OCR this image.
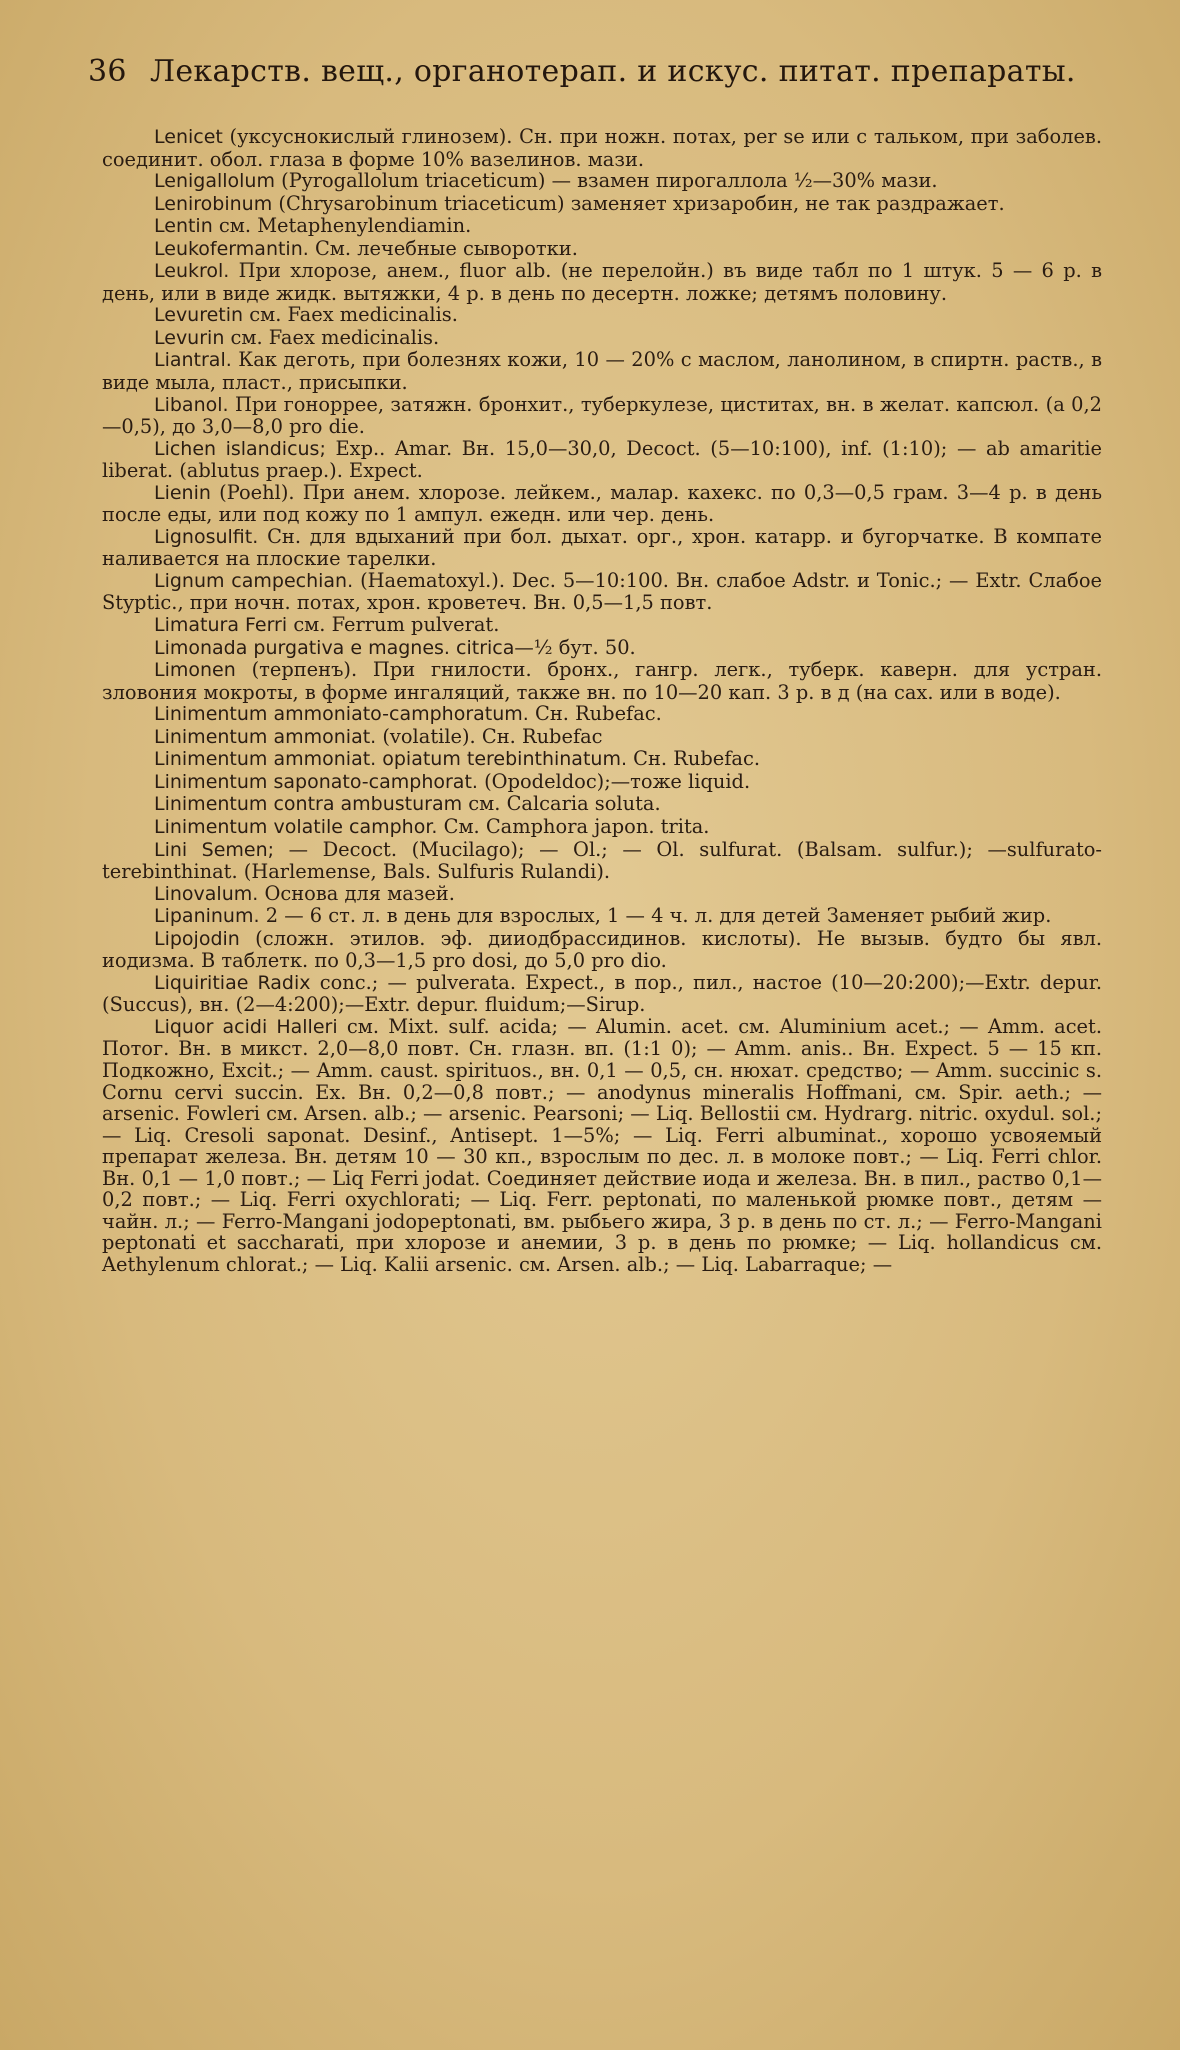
36 Лекарств. вещ., органотерап. и искус. питат. препараты.

Lenicet (уксуснокислый глинозем). Сн. при ножн. потах, per se или с тальком, при заболев. соединит. обол. глаза в форме 10% вазелинов. мази.

Lenigallolum (Pyrogallolum triaceticum) — взамен пирогаллола ½—30% мази.

Lenirobinum (Chrysarobinum triaceticum) заменяет хризаробин, не так раздражает.

Lentin см. Metaphenylendiamin.

Leukofermantin. См. лечебные сыворотки.

Leukrol. При хлорозе, анем., fluor alb. (не перелойн.) въ виде табл по 1 штук. 5 — 6 р. в день, или в виде жидк. вытяжки, 4 р. в день по десертн. ложке; детямъ половину.

Levuretin см. Faex medicinalis.

Levurin см. Faex medicinalis.

Liantral. Как деготь, при болезнях кожи, 10 — 20% с маслом, ланолином, в спиртн. раств., в виде мыла, пласт., присыпки.

Libanol. При гоноррее, затяжн. бронхит., туберкулезе, циститах, вн. в желат. капсюл. (а 0,2—0,5), до 3,0—8,0 pro die.

Lichen islandicus; Exp.. Amar. Вн. 15,0—30,0, Decoct. (5—10:100), inf. (1:10); — ab amaritie liberat. (ablutus praep.). Expect.

Lienin (Poehl). При анем. хлорозе. лейкем., малар. кахекс. по 0,3—0,5 грам. 3—4 р. в день после еды, или под кожу по 1 ампул. ежедн. или чер. день.

Lignosulfit. Сн. для вдыханий при бол. дыхат. орг., хрон. катарр. и бугорчатке. В компате наливается на плоские тарелки.

Lignum campechian. (Haematoxyl.). Dec. 5—10:100. Вн. слабое Adstr. и Tonic.; — Extr. Слабое Styptic., при ночн. потах, хрон. кроветеч. Вн. 0,5—1,5 повт.

Limatura Ferri см. Ferrum pulverat.

Limonada purgativa e magnes. citrica—½ бут. 50.

Limonen (терпенъ). При гнилости. бронх., гангр. легк., туберк. каверн. для устран. зловония мокроты, в форме ингаляций, также вн. по 10—20 кап. 3 р. в д (на сах. или в воде).

Linimentum ammoniato-camphoratum. Сн. Rubefac.

Linimentum ammoniat. (volatile). Сн. Rubefac

Linimentum ammoniat. opiatum terebinthinatum. Сн. Rubefac.

Linimentum saponato-camphorat. (Opodeldoc);—тоже liquid.

Linimentum contra ambusturam см. Calcaria soluta.

Linimentum volatile camphor. См. Camphora japon. trita.

Lini Semen; — Decoct. (Mucilago); — Ol.; — Ol. sulfurat. (Balsam. sulfur.); —sulfurato-terebinthinat. (Harlemense, Bals. Sulfuris Rulandi).

Linovalum. Основа для мазей.

Lipaninum. 2 — 6 ст. л. в день для взрослых, 1 — 4 ч. л. для детей Заменяет рыбий жир.

Lipojodin (сложн. этилов. эф. дииодбрассидинов. кислоты). Не вызыв. будто бы явл. иодизма. В таблетк. по 0,3—1,5 pro dosi, до 5,0 pro dio.

Liquiritiae Radix conc.; — pulverata. Expect., в пор., пил., настое (10—20:200);—Extr. depur. (Succus), вн. (2—4:200);—Extr. depur. fluidum;—Sirup.

Liquor acidi Halleri см. Mixt. sulf. acida; — Alumin. acet. см. Aluminium acet.; — Amm. acet. Потог. Вн. в микст. 2,0—8,0 повт. Сн. глазн. вп. (1:1 0); — Amm. anis.. Вн. Expect. 5 — 15 кп. Подкожно, Excit.; — Amm. caust. spirituos., вн. 0,1 — 0,5, сн. нюхат. средство; — Amm. succinic s. Cornu cervi succin. Ex. Вн. 0,2—0,8 повт.; — anodynus mineralis Hoffmani, см. Spir. aeth.; — arsenic. Fowleri см. Arsen. alb.; — arsenic. Pearsoni; — Liq. Bellostii см. Hydrarg. nitric. oxydul. sol.; — Liq. Cresoli saponat. Desinf., Antisept. 1—5%; — Liq. Ferri albuminat., хорошо усвояемый препарат железа. Вн. детям 10 — 30 кп., взрослым по дес. л. в молоке повт.; — Liq. Ferri chlor. Вн. 0,1 — 1,0 повт.; — Liq Ferri jodat. Соединяет действие иода и железа. Вн. в пил., раство 0,1—0,2 повт.; — Liq. Ferri oxychlorati; — Liq. Ferr. peptonati, по маленькой рюмке повт., детям — чайн. л.; — Ferro-Mangani jodopeptonati, вм. рыбьего жира, 3 р. в день по ст. л.; — Ferro-Mangani peptonati et saccharati, при хлорозе и анемии, 3 р. в день по рюмке; — Liq. hollandicus см. Aethylenum chlorat.; — Liq. Kalii arsenic. см. Arsen. alb.; — Liq. Labarraque; —
